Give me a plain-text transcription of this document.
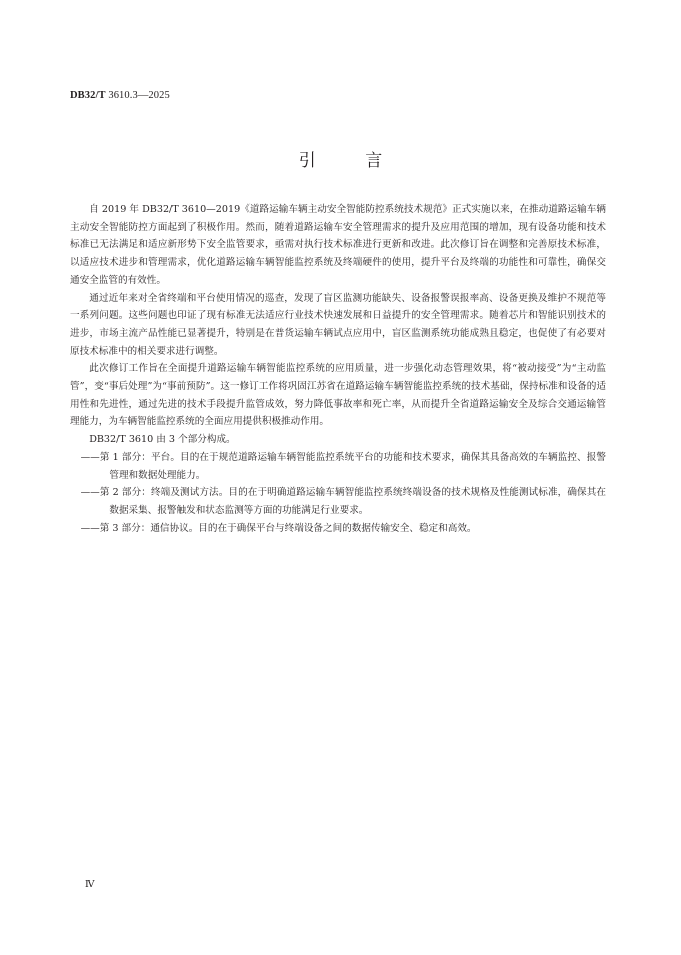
DB32/T 3610.3—2025
引 言

自 2019 年 DB32/T 3610—2019《道路运输车辆主动安全智能防控系统技术规范》正式实施以来，在推动道路运输车辆主动安全智能防控方面起到了积极作用。然而，随着道路运输车安全管理需求的提升及应用范围的增加，现有设备功能和技术标准已无法满足和适应新形势下安全监管要求，亟需对执行技术标准进行更新和改进。此次修订旨在调整和完善原技术标准，以适应技术进步和管理需求，优化道路运输车辆智能监控系统及终端硬件的使用，提升平台及终端的功能性和可靠性，确保交通安全监管的有效性。

通过近年来对全省终端和平台使用情况的巡查，发现了盲区监测功能缺失、设备报警误报率高、设备更换及维护不规范等一系列问题。这些问题也印证了现有标准无法适应行业技术快速发展和日益提升的安全管理需求。随着芯片和智能识别技术的进步，市场主流产品性能已显著提升，特别是在普货运输车辆试点应用中，盲区监测系统功能成熟且稳定，也促使了有必要对原技术标准中的相关要求进行调整。

此次修订工作旨在全面提升道路运输车辆智能监控系统的应用质量，进一步强化动态管理效果，将“被动接受”为“主动监管”，变“事后处理”为“事前预防”。这一修订工作将巩固江苏省在道路运输车辆智能监控系统的技术基础，保持标准和设备的适用性和先进性，通过先进的技术手段提升监管成效，努力降低事故率和死亡率，从而提升全省道路运输安全及综合交通运输管理能力，为车辆智能监控系统的全面应用提供积极推动作用。

DB32/T 3610 由 3 个部分构成。

——第 1 部分：平台。目的在于规范道路运输车辆智能监控系统平台的功能和技术要求，确保其具备高效的车辆监控、报警管理和数据处理能力。
——第 2 部分：终端及测试方法。目的在于明确道路运输车辆智能监控系统终端设备的技术规格及性能测试标准，确保其在数据采集、报警触发和状态监测等方面的功能满足行业要求。
——第 3 部分：通信协议。目的在于确保平台与终端设备之间的数据传输安全、稳定和高效。
Ⅳ
